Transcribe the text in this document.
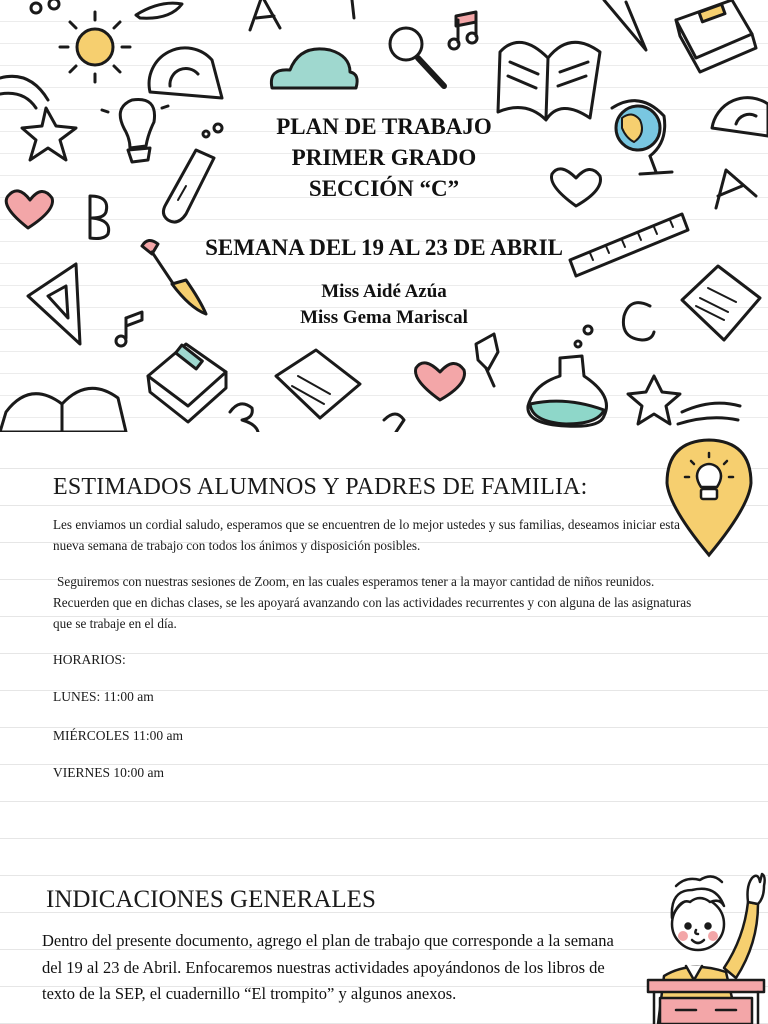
PLAN DE TRABAJO
PRIMER GRADO
SECCIÓN “C”
SEMANA DEL 19 AL 23 DE ABRIL
Miss Aidé Azúa
Miss Gema Mariscal
ESTIMADOS ALUMNOS Y PADRES DE FAMILIA:

Les enviamos un cordial saludo, esperamos que se encuentren de lo mejor ustedes y sus familias, deseamos iniciar esta nueva semana de trabajo con todos los ánimos y disposición posibles.

Seguiremos con nuestras sesiones de Zoom, en las cuales esperamos tener a la mayor cantidad de niños reunidos. Recuerden que en dichas clases, se les apoyará avanzando con las actividades recurrentes y con alguna de las asignaturas que se trabaje en el día.

HORARIOS:

LUNES: 11:00 am

MIÉRCOLES 11:00 am

VIERNES 10:00 am

INDICACIONES GENERALES

Dentro del presente documento, agrego el plan de trabajo que corresponde a la semana del 19 al 23 de Abril. Enfocaremos nuestras actividades apoyándonos de los libros de texto de la SEP, el cuadernillo “El trompito” y algunos anexos.
